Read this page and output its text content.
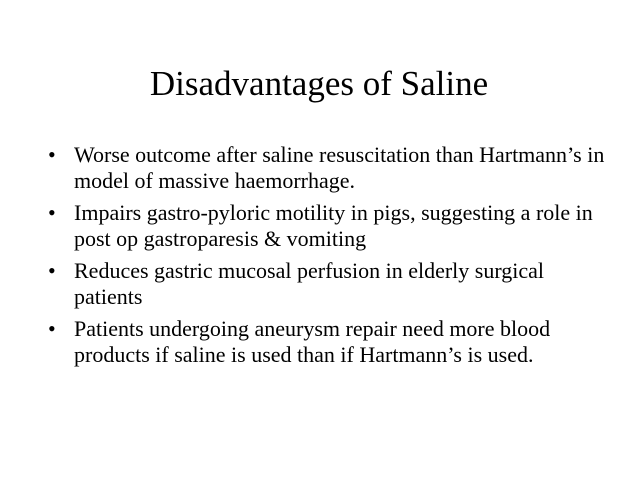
Disadvantages of Saline
• Worse outcome after saline resuscitation than Hartmann’s in model of massive haemorrhage.
• Impairs gastro-pyloric motility in pigs, suggesting a role in post op gastroparesis & vomiting
• Reduces gastric mucosal perfusion in elderly surgical patients
• Patients undergoing aneurysm repair need more blood products if saline is used than if Hartmann’s is used.
